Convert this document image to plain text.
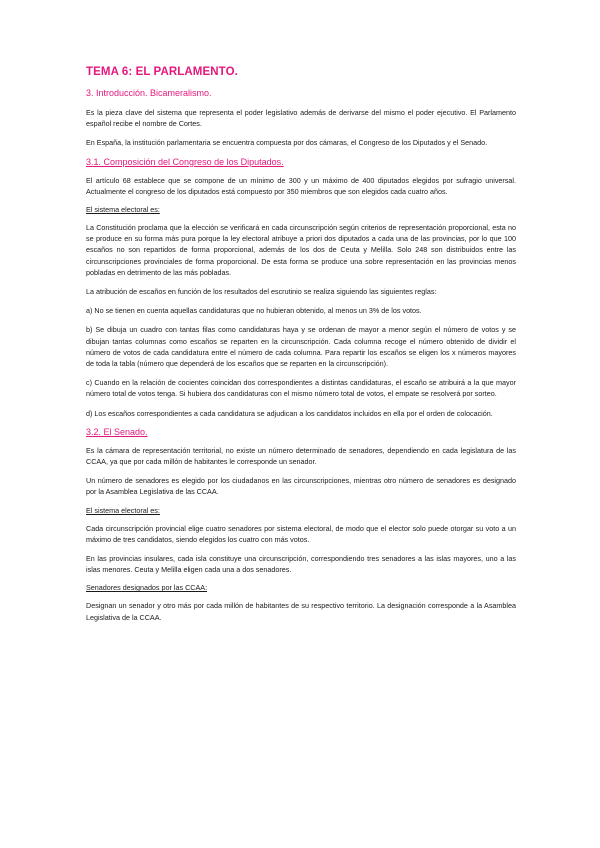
TEMA 6: EL PARLAMENTO.
3. Introducción. Bicameralismo.

Es la pieza clave del sistema que representa el poder legislativo además de derivarse del mismo el poder ejecutivo. El Parlamento español recibe el nombre de Cortes.

En España, la institución parlamentaria se encuentra compuesta por dos cámaras, el Congreso de los Diputados y el Senado.

3.1. Composición del Congreso de los Diputados.

El artículo 68 establece que se compone de un mínimo de 300 y un máximo de 400 diputados elegidos por sufragio universal. Actualmente el congreso de los diputados está compuesto por 350 miembros que son elegidos cada cuatro años.

El sistema electoral es:

La Constitución proclama que la elección se verificará en cada circunscripción según criterios de representación proporcional, esta no se produce en su forma más pura porque la ley electoral atribuye a priori dos diputados a cada una de las provincias, por lo que 100 escaños no son repartidos de forma proporcional, además de los dos de Ceuta y Melilla. Solo 248 son distribuidos entre las circunscripciones provinciales de forma proporcional. De esta forma se produce una sobre representación en las provincias menos pobladas en detrimento de las más pobladas.

La atribución de escaños en función de los resultados del escrutinio se realiza siguiendo las siguientes reglas:

a) No se tienen en cuenta aquellas candidaturas que no hubieran obtenido, al menos un 3% de los votos.

b) Se dibuja un cuadro con tantas filas como candidaturas haya y se ordenan de mayor a menor según el número de votos y se dibujan tantas columnas como escaños se reparten en la circunscripción. Cada columna recoge el número obtenido de dividir el número de votos de cada candidatura entre el número de cada columna. Para repartir los escaños se eligen los x números mayores de toda la tabla (número que dependerá de los escaños que se reparten en la circunscripción).

c) Cuando en la relación de cocientes coincidan dos correspondientes a distintas candidaturas, el escaño se atribuirá a la que mayor número total de votos tenga. Si hubiera dos candidaturas con el mismo número total de votos, el empate se resolverá por sorteo.

d) Los escaños correspondientes a cada candidatura se adjudican a los candidatos incluidos en ella por el orden de colocación.

3.2. El Senado.

Es la cámara de representación territorial, no existe un número determinado de senadores, dependiendo en cada legislatura de las CCAA, ya que por cada millón de habitantes le corresponde un senador.

Un número de senadores es elegido por los ciudadanos en las circunscripciones, mientras otro número de senadores es designado por la Asamblea Legislativa de las CCAA.

El sistema electoral es:

Cada circunscripción provincial elige cuatro senadores por sistema electoral, de modo que el elector solo puede otorgar su voto a un máximo de tres candidatos, siendo elegidos los cuatro con más votos.

En las provincias insulares, cada isla constituye una circunscripción, correspondiendo tres senadores a las islas mayores, uno a las islas menores. Ceuta y Melilla eligen cada una a dos senadores.

Senadores designados por las CCAA:

Designan un senador y otro más por cada millón de habitantes de su respectivo territorio. La designación corresponde a la Asamblea Legislativa de la CCAA.
